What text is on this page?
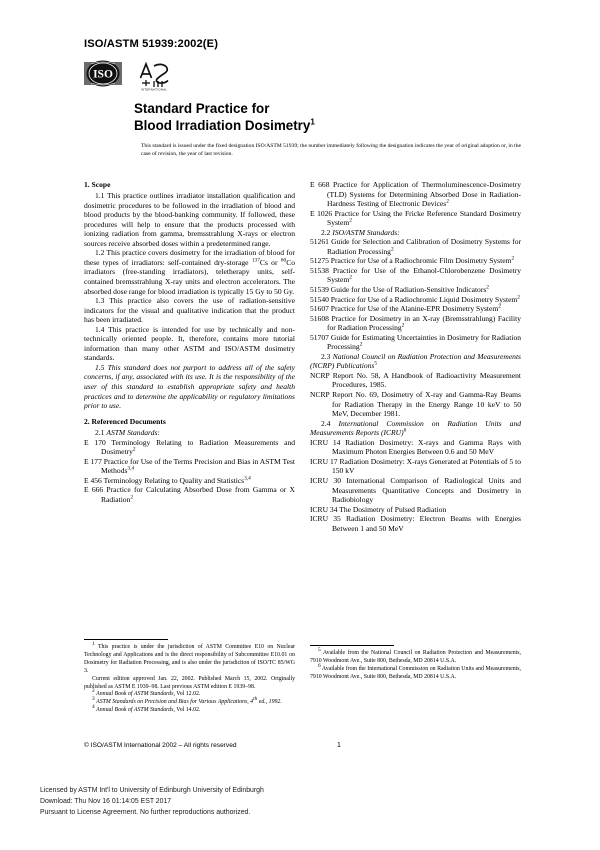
ISO/ASTM 51939:2002(E)
ISO
INTERNATIONAL
Standard Practice for
Blood Irradiation Dosimetry$^1$
This standard is issued under the fixed designation ISO/ASTM 51939; the number immediately following the designation indicates the year of original adoption or, in the case of revision, the year of last revision.

1. Scope

1.1 This practice outlines irradiator installation qualification and dosimetric procedures to be followed in the irradiation of blood and blood products by the blood-banking community. If followed, these procedures will help to ensure that the products processed with ionizing radiation from gamma, bremsstrahlung X-rays or electron sources receive absorbed doses within a predetermined range.

1.2 This practice covers dosimetry for the irradiation of blood for these types of irradiators: self-contained dry-storage $^{137}$Cs or $^{60}$Co irradiators (free-standing irradiators), teletherapy units, self-contained bremsstrahlung X-ray units and electron accelerators. The absorbed dose range for blood irradiation is typically 15 Gy to 50 Gy.

1.3 This practice also covers the use of radiation-sensitive indicators for the visual and qualitative indication that the product has been irradiated.

1.4 This practice is intended for use by technically and non-technically oriented people. It, therefore, contains more tutorial information than many other ASTM and ISO/ASTM dosimetry standards.

1.5 This standard does not purport to address all of the safety concerns, if any, associated with its use. It is the responsibility of the user of this standard to establish appropriate safety and health practices and to determine the applicability or regulatory limitations prior to use.

2. Referenced Documents

2.1 ASTM Standards:

E 170 Terminology Relating to Radiation Measurements and Dosimetry$^2$

E 177 Practice for Use of the Terms Precision and Bias in ASTM Test Methods$^{3,4}$

E 456 Terminology Relating to Quality and Statistics$^{3,4}$

E 666 Practice for Calculating Absorbed Dose from Gamma or X Radiation$^2$

E 668 Practice for Application of Thermoluminescence-Dosimetry (TLD) Systems for Determining Absorbed Dose in Radiation-Hardness Testing of Electronic Devices$^2$

E 1026 Practice for Using the Fricke Reference Standard Dosimetry System$^2$

2.2 ISO/ASTM Standards:

51261 Guide for Selection and Calibration of Dosimetry Systems for Radiation Processing$^2$

51275 Practice for Use of a Radiochromic Film Dosimetry System$^2$

51538 Practice for Use of the Ethanol-Chlorobenzene Dosimetry System$^2$

51539 Guide for the Use of Radiation-Sensitive Indicators$^2$

51540 Practice for Use of a Radiochromic Liquid Dosimetry System$^2$

51607 Practice for Use of the Alanine-EPR Dosimetry System$^2$

51608 Practice for Dosimetry in an X-ray (Bremsstrahlung) Facility for Radiation Processing$^2$

51707 Guide for Estimating Uncertainties in Dosimetry for Radiation Processing$^2$

2.3 National Council on Radiation Protection and Measurements (NCRP) Publications$^5$

NCRP Report No. 58, A Handbook of Radioactivity Measurement Procedures, 1985.

NCRP Report No. 69, Dosimetry of X-ray and Gamma-Ray Beams for Radiation Therapy in the Energy Range 10 keV to 50 MeV, December 1981.

2.4 International Commission on Radiation Units and Measurements Reports (ICRU)$^6$

ICRU 14 Radiation Dosimetry: X-rays and Gamma Rays with Maximum Photon Energies Between 0.6 and 50 MeV

ICRU 17 Radiation Dosimetry: X-rays Generated at Potentials of 5 to 150 kV

ICRU 30 International Comparison of Radiological Units and Measurements Quantitative Concepts and Dosimetry in Radiobiology

ICRU 34 The Dosimetry of Pulsed Radiation

ICRU 35 Radiation Dosimetry: Electron Beams with Energies Between 1 and 50 MeV

$^1$ This practice is under the jurisdiction of ASTM Committee E10 on Nuclear Technology and Applications and is the direct responsibility of Subcommittee E10.01 on Dosimetry for Radiation Processing, and is also under the jurisdiction of ISO/TC 85/WG 3.

Current edition approved Jan. 22, 2002. Published March 15, 2002. Originally published as ASTM E 1939–98. Last previous ASTM edition E 1939–98.

$^2$ Annual Book of ASTM Standards, Vol 12.02.

$^3$ ASTM Standards on Precision and Bias for Various Applications, 4th ed., 1992.

$^4$ Annual Book of ASTM Standards, Vol 14.02.

$^5$ Available from the National Council on Radiation Protection and Measurements, 7910 Woodmont Ave., Suite 800, Bethesda, MD 20814 U.S.A.

$^6$ Available from the International Commission on Radiation Units and Measurements, 7910 Woodmont Ave., Suite 800, Bethesda, MD 20814 U.S.A.

© ISO/ASTM International 2002 – All rights reserved	1
Licensed by ASTM Int'l to University of Edinburgh University of Edinburgh
Download: Thu Nov 16 01:14:05 EST 2017
Pursuant to License Agreement. No further reproductions authorized.
